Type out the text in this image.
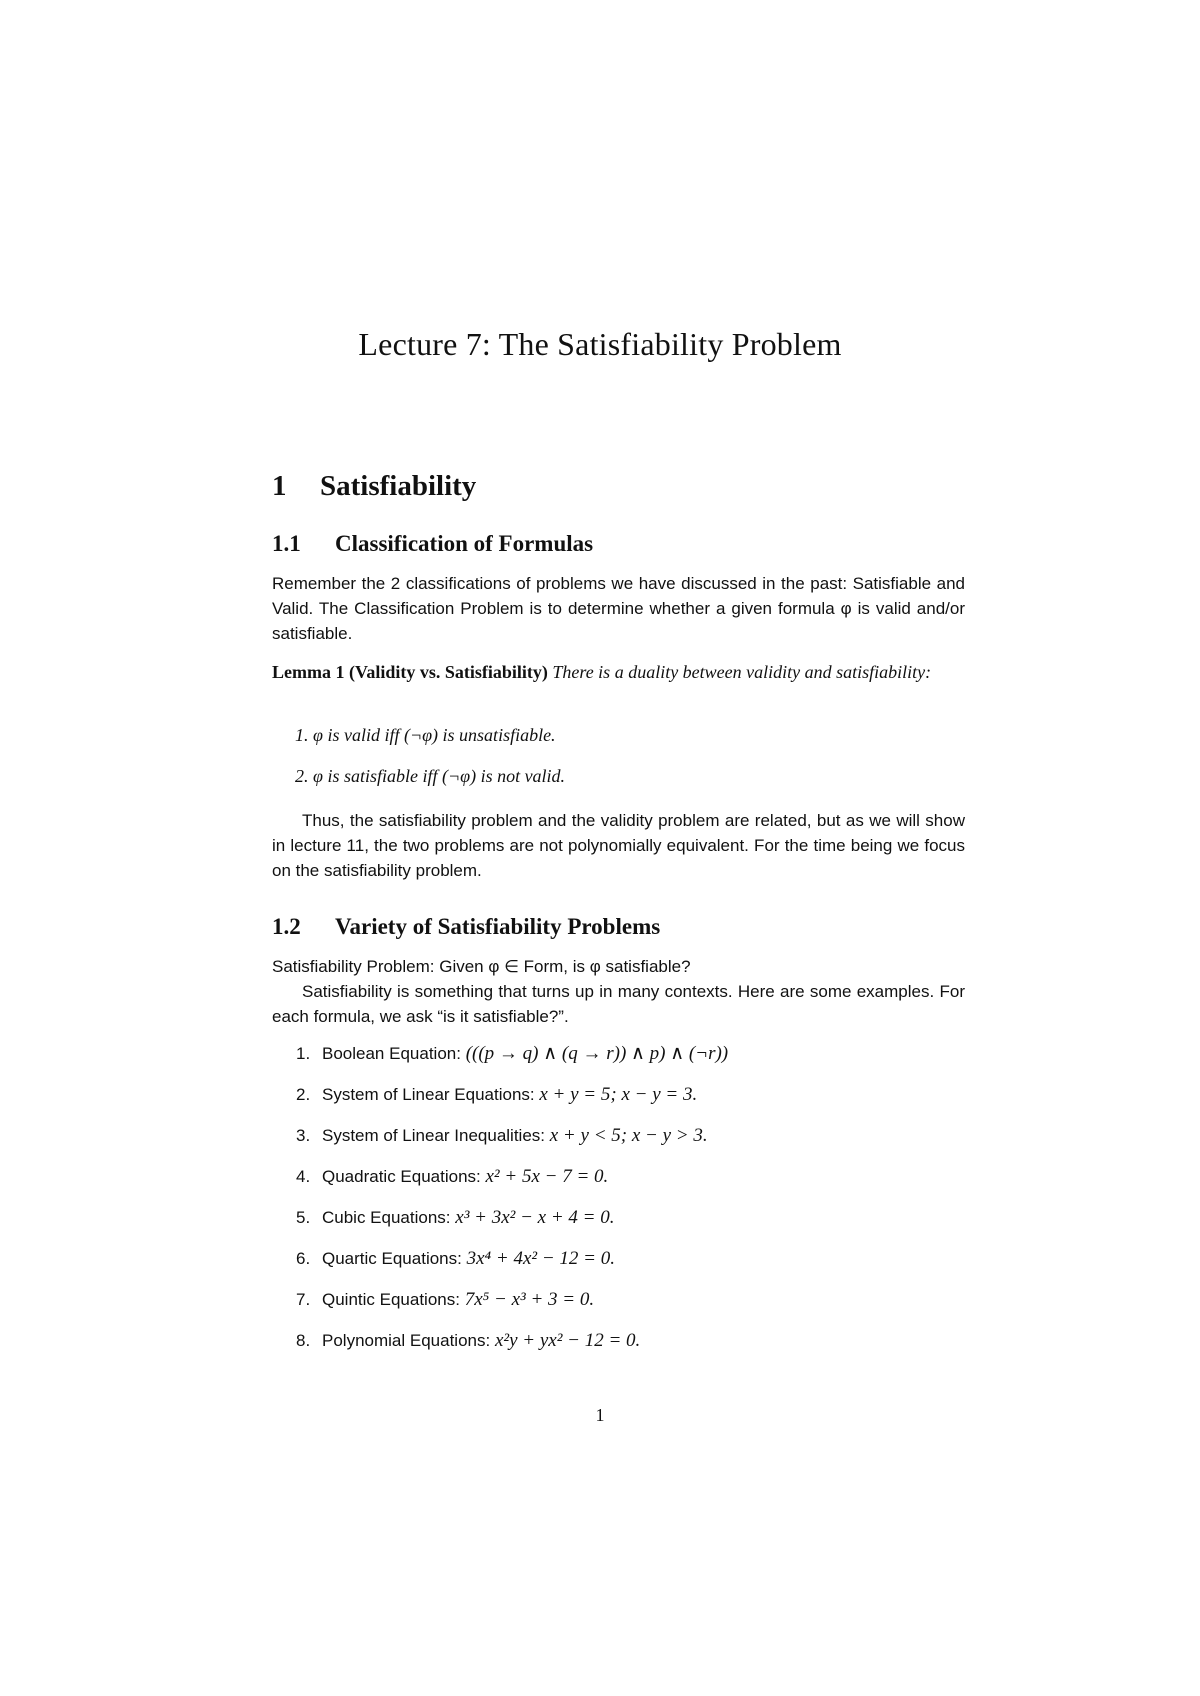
Lecture 7: The Satisfiability Problem
1 Satisfiability
1.1 Classification of Formulas

Remember the 2 classifications of problems we have discussed in the past: Satisfiable and Valid. The Classification Problem is to determine whether a given formula φ is valid and/or satisfiable.

Lemma 1 (Validity vs. Satisfiability) There is a duality between validity and satisfiability:
1. φ is valid iff (¬φ) is unsatisfiable.
2. φ is satisfiable iff (¬φ) is not valid.

Thus, the satisfiability problem and the validity problem are related, but as we will show in lecture 11, the two problems are not polynomially equivalent. For the time being we focus on the satisfiability problem.

1.2 Variety of Satisfiability Problems

Satisfiability Problem: Given φ ∈ Form, is φ satisfiable?

Satisfiability is something that turns up in many contexts. Here are some examples. For each formula, we ask “is it satisfiable?”.

1. Boolean Equation: (((p → q) ∧ (q → r)) ∧ p) ∧ (¬r))
2. System of Linear Equations: x + y = 5; x − y = 3.
3. System of Linear Inequalities: x + y < 5; x − y > 3.
4. Quadratic Equations: x² + 5x − 7 = 0.
5. Cubic Equations: x³ + 3x² − x + 4 = 0.
6. Quartic Equations: 3x⁴ + 4x² − 12 = 0.
7. Quintic Equations: 7x⁵ − x³ + 3 = 0.
8. Polynomial Equations: x²y + yx² − 12 = 0.
1
